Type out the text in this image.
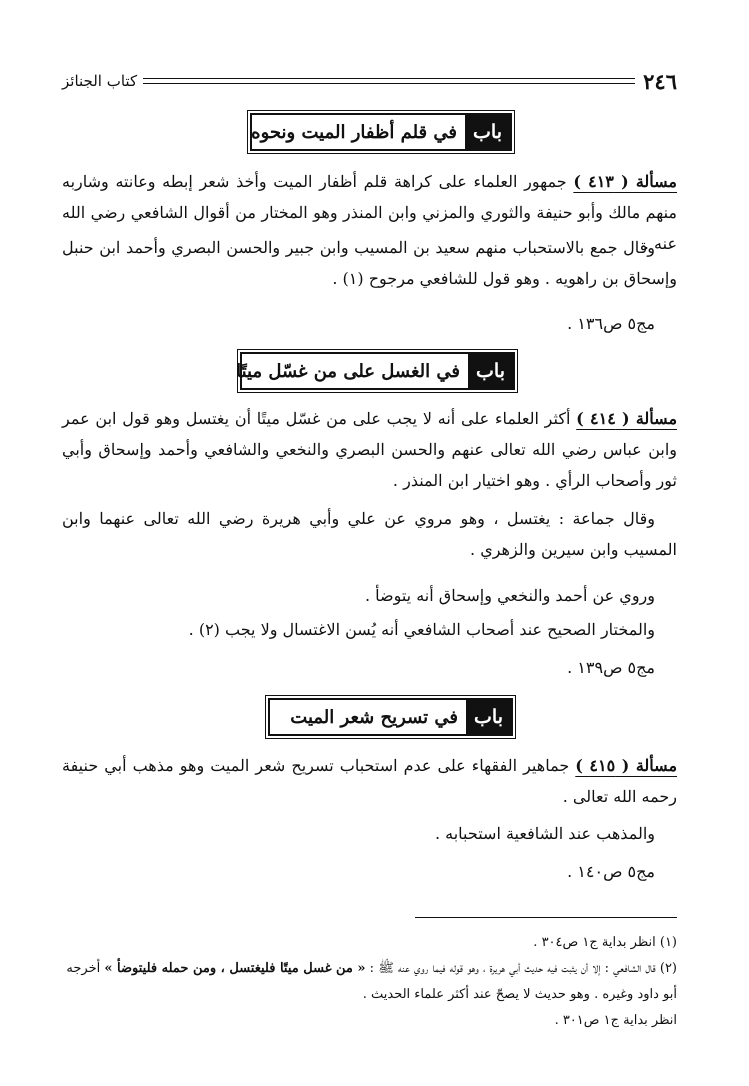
٢٤٦
كتاب الجنائز
باب
في قلم أظفار الميت ونحوه
مسألة ( ٤١٣ ) جمهور العلماء على كراهة قلم أظفار الميت وأخذ شعر إبطه وعانته وشاربه منهم مالك وأبو حنيفة والثوري والمزني وابن المنذر وهو المختار من أقوال الشافعي رضي الله عنه .
وقال جمع بالاستحباب منهم سعيد بن المسيب وابن جبير والحسن البصري وأحمد ابن حنبل وإسحاق بن راهويه . وهو قول للشافعي مرجوح (١) .
مج٥ ص١٣٦ .
باب
في الغسل على من غسّل ميتًا
مسألة ( ٤١٤ ) أكثر العلماء على أنه لا يجب على من غسّل ميتًا أن يغتسل وهو قول ابن عمر وابن عباس رضي الله تعالى عنهم والحسن البصري والنخعي والشافعي وأحمد وإسحاق وأبي ثور وأصحاب الرأي . وهو اختيار ابن المنذر .
وقال جماعة : يغتسل ، وهو مروي عن علي وأبي هريرة رضي الله تعالى عنهما وابن المسيب وابن سيرين والزهري .
وروي عن أحمد والنخعي وإسحاق أنه يتوضأ .
والمختار الصحيح عند أصحاب الشافعي أنه يُسن الاغتسال ولا يجب (٢) .
مج٥ ص١٣٩ .
باب
في تسريح شعر الميت
مسألة ( ٤١٥ ) جماهير الفقهاء على عدم استحباب تسريح شعر الميت وهو مذهب أبي حنيفة رحمه الله تعالى .
والمذهب عند الشافعية استحبابه .
مج٥ ص١٤٠ .

(١) انظر بداية ج١ ص٣٠٤ .

(٢) قال الشافعي : إلا أن يثبت فيه حديث أبي هريرة ، وهو قوله فيما روي عنه ﷺ : « من غسل ميتًا فليغتسل ، ومن حمله فليتوضأ » أخرجه أبو داود وغيره . وهو حديث لا يصحّ عند أكثر علماء الحديث .

انظر بداية ج١ ص٣٠١ .
